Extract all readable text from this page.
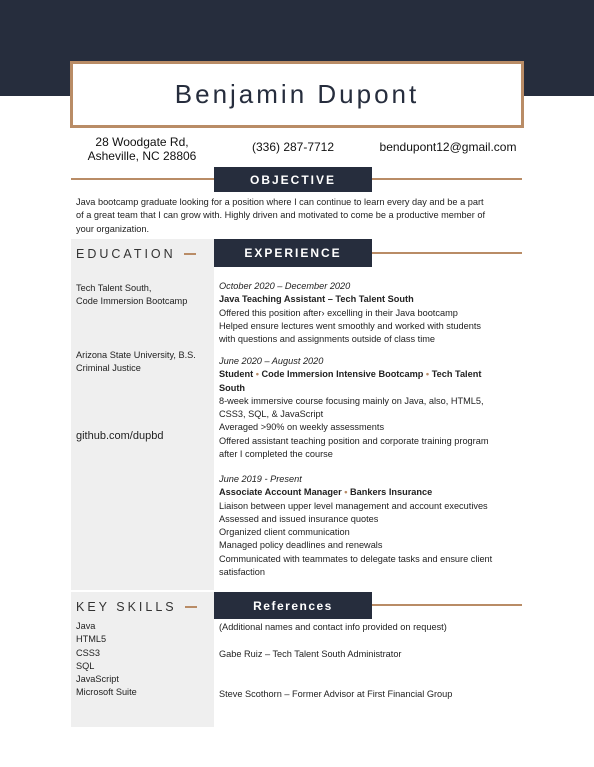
Benjamin Dupont
28 Woodgate Rd,
Asheville, NC 28806
(336) 287-7712	bendupont12@gmail.com
OBJECTIVE
Java bootcamp graduate looking for a position where I can continue to learn every day and be a part
of a great team that I can grow with. Highly driven and motivated to come be a productive member of
your organization.
EDUCATION
Tech Talent South,
Code Immersion Bootcamp
Arizona State University, B.S.
Criminal Justice
github.com/dupbd
EXPERIENCE
October 2020 – December 2020
Java Teaching Assistant – Tech Talent South
Offered this position after› excelling in their Java bootcamp
Helped ensure lectures went smoothly and worked with students
with questions and assignments outside of class time
June 2020 – August 2020
Student • Code Immersion Intensive Bootcamp • Tech Talent
South
8-week immersive course focusing mainly on Java, also, HTML5,
CSS3, SQL, & JavaScript
Averaged >90% on weekly assessments
Offered assistant teaching position and corporate training program
after I completed the course
June 2019 - Present
Associate Account Manager • Bankers Insurance
Liaison between upper level management and account executives
Assessed and issued insurance quotes
Organized client communication
Managed policy deadlines and renewals
Communicated with teammates to delegate tasks and ensure client
satisfaction
KEY SKILLS
Java
HTML5
CSS3
SQL
JavaScript
Microsoft Suite
References
(Additional names and contact info provided on request)
Gabe Ruiz – Tech Talent South Administrator
Steve Scothorn – Former Advisor at First Financial Group
